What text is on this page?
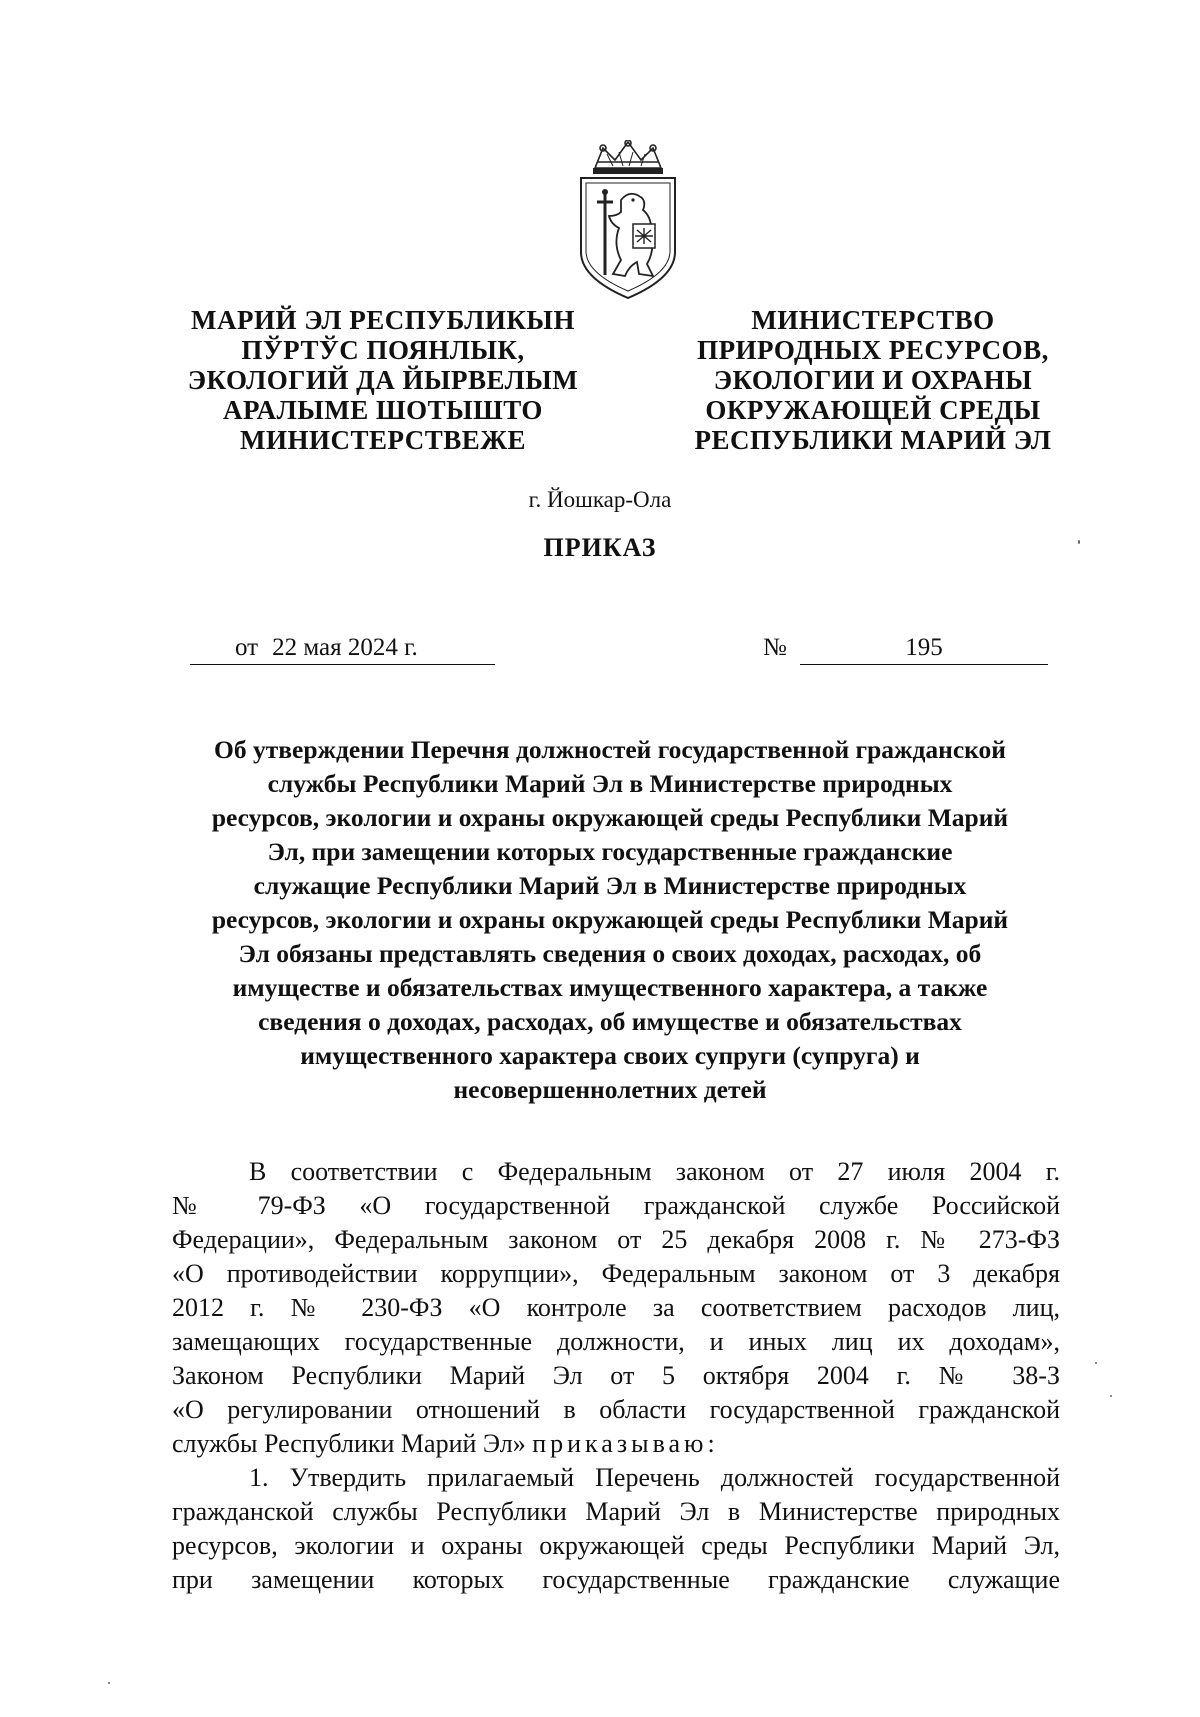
МАРИЙ ЭЛ РЕСПУБЛИКЫН
ПЎРТЎС ПОЯНЛЫК,
ЭКОЛОГИЙ ДА ЙЫРВЕЛЫМ
АРАЛЫМЕ ШОТЫШТО
МИНИСТЕРСТВЕЖЕ
МИНИСТЕРСТВО
ПРИРОДНЫХ РЕСУРСОВ,
ЭКОЛОГИИ И ОХРАНЫ
ОКРУЖАЮЩЕЙ СРЕДЫ
РЕСПУБЛИКИ МАРИЙ ЭЛ
г. Йошкар-Ола
ПРИКАЗ
от 22 мая 2024 г.	№	195
Об утверждении Перечня должностей государственной гражданской
службы Республики Марий Эл в Министерстве природных
ресурсов, экологии и охраны окружающей среды Республики Марий
Эл, при замещении которых государственные гражданские
служащие Республики Марий Эл в Министерстве природных
ресурсов, экологии и охраны окружающей среды Республики Марий
Эл обязаны представлять сведения о своих доходах, расходах, об
имуществе и обязательствах имущественного характера, а также
сведения о доходах, расходах, об имуществе и обязательствах
имущественного характера своих супруги (супруга) и
несовершеннолетних детей
В соответствии с Федеральным законом от 27 июля 2004 г.
№ 79-ФЗ «О государственной гражданской службе Российской
Федерации», Федеральным законом от 25 декабря 2008 г. № 273-ФЗ
«О противодействии коррупции», Федеральным законом от 3 декабря
2012 г. № 230-ФЗ «О контроле за соответствием расходов лиц,
замещающих государственные должности, и иных лиц их доходам»,
Законом Республики Марий Эл от 5 октября 2004 г. № 38-З
«О регулировании отношений в области государственной гражданской
службы Республики Марий Эл» приказываю:
1. Утвердить прилагаемый Перечень должностей государственной
гражданской службы Республики Марий Эл в Министерстве природных
ресурсов, экологии и охраны окружающей среды Республики Марий Эл,
при замещении которых государственные гражданские служащие
